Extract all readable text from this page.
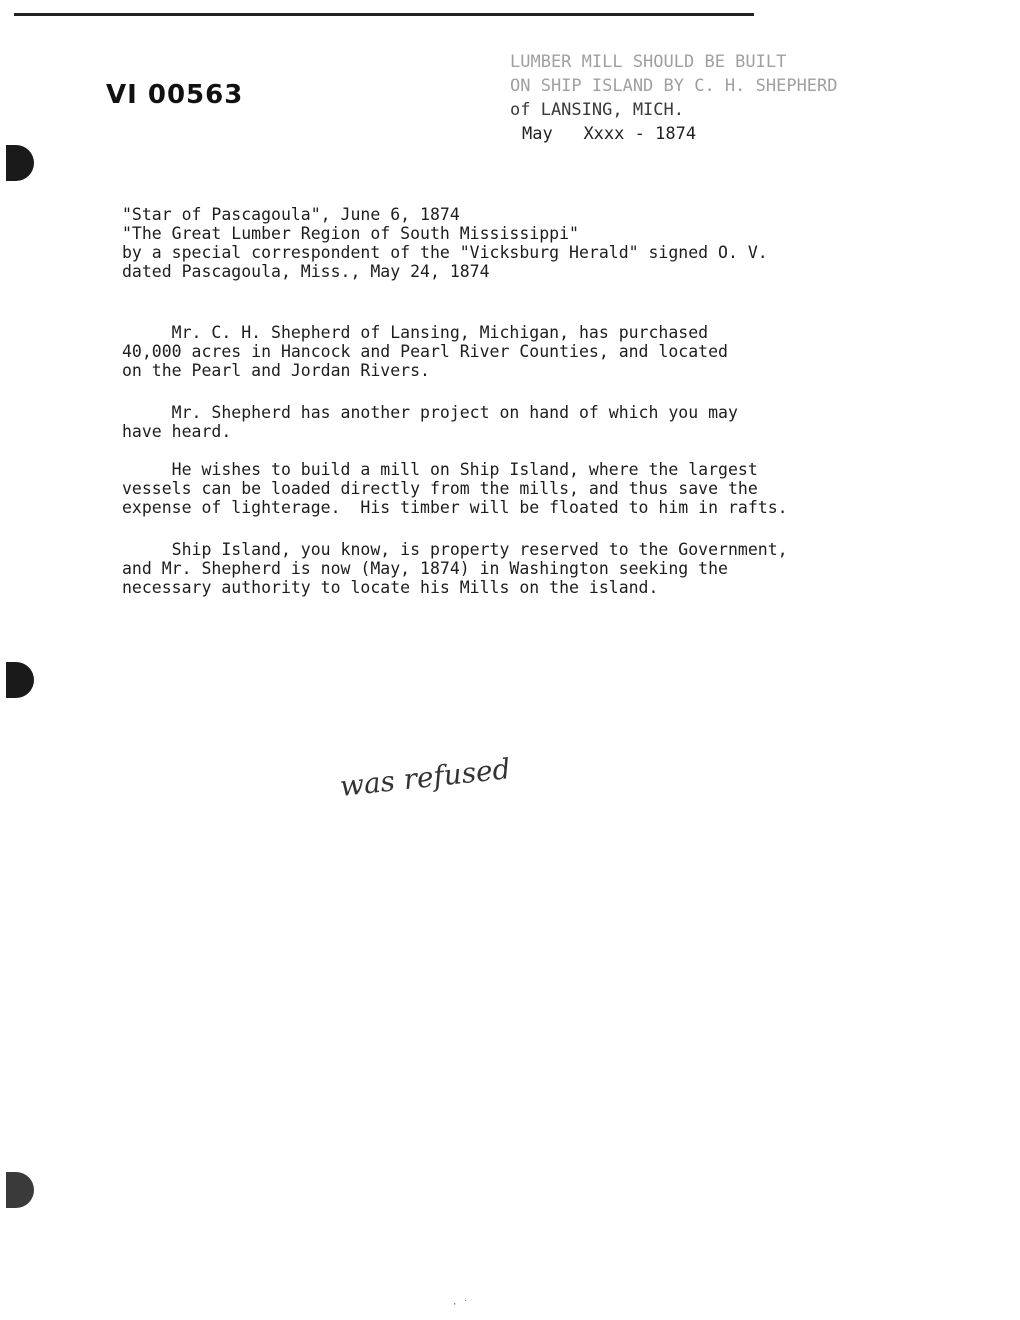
VI 00563
LUMBER MILL SHOULD BE BUILT
ON SHIP ISLAND BY C. H. SHEPHERD
of LANSING, MICH.
May Xxxx - 1874
"Star of Pascagoula", June 6, 1874
"The Great Lumber Region of South Mississippi"
by a special correspondent of the "Vicksburg Herald" signed O. V.
dated Pascagoula, Miss., May 24, 1874
Mr. C. H. Shepherd of Lansing, Michigan, has purchased
40,000 acres in Hancock and Pearl River Counties, and located
on the Pearl and Jordan Rivers.
Mr. Shepherd has another project on hand of which you may
have heard.
He wishes to build a mill on Ship Island, where the largest
vessels can be loaded directly from the mills, and thus save the
expense of lighterage.  His timber will be floated to him in rafts.
Ship Island, you know, is property reserved to the Government,
and Mr. Shepherd is now (May, 1874) in Washington seeking the
necessary authority to locate his Mills on the island.
was refused
· ˙
